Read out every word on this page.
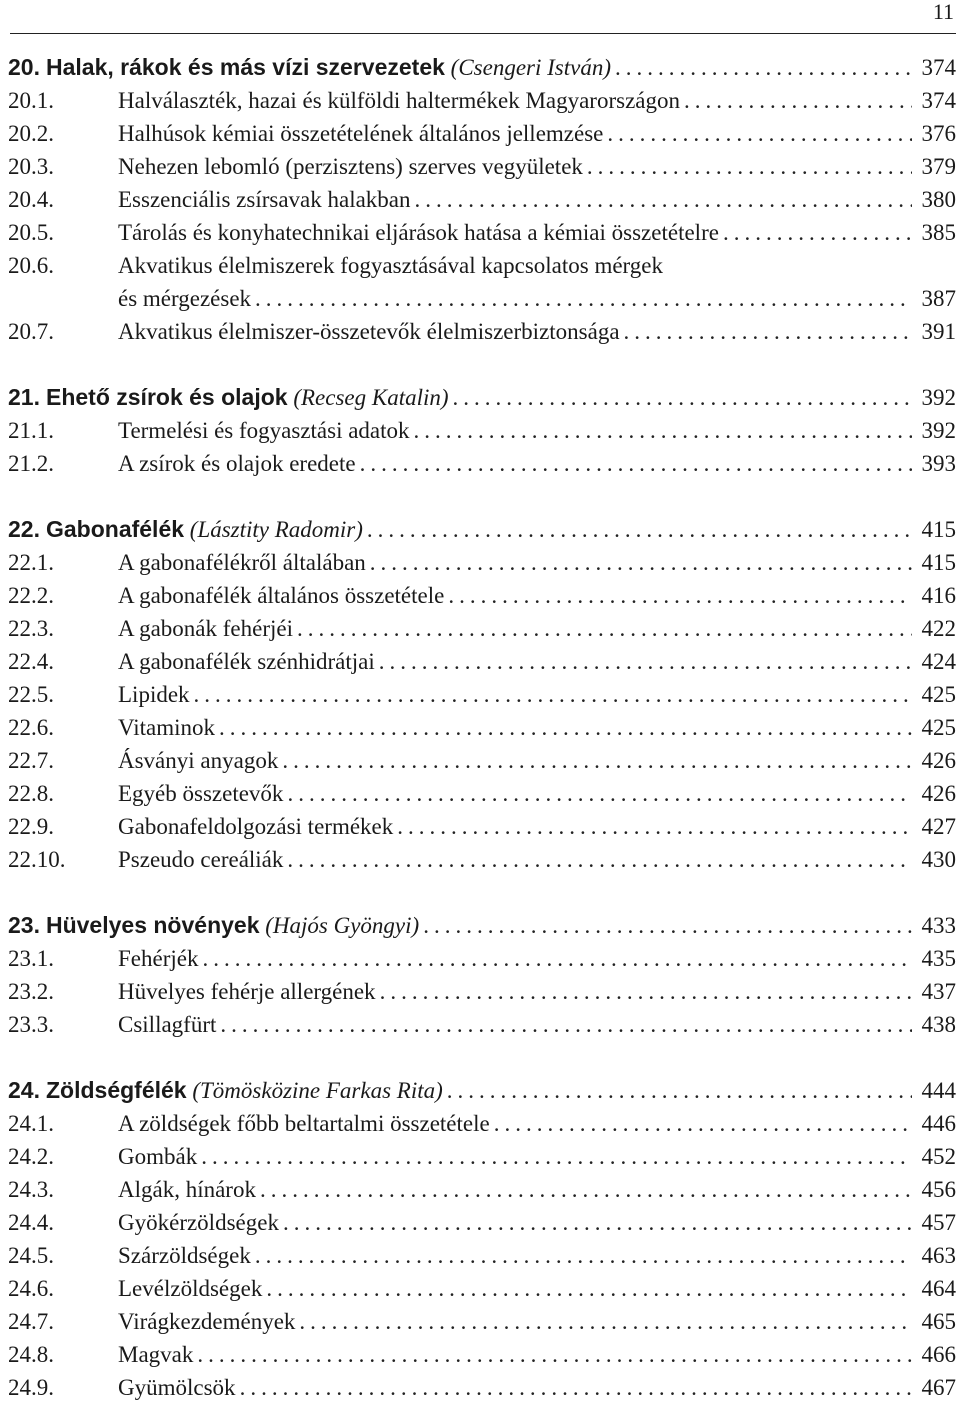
11
20. Halak, rákok és más vízi szervezetek (Csengeri István) .....	374
20.1.	Halválaszték, hazai és külföldi haltermékek Magyarországon .....	374
20.2.	Halhúsok kémiai összetételének általános jellemzése .....	376
20.3.	Nehezen lebomló (perzisztens) szerves vegyületek .....	379
20.4.	Esszenciális zsírsavak halakban .....	380
20.5.	Tárolás és konyhatechnikai eljárások hatása a kémiai összetételre .....	385
20.6.	Akvatikus élelmiszerek fogyasztásával kapcsolatos mérgek
és mérgezések .....	387
20.7.	Akvatikus élelmiszer-összetevők élelmiszerbiztonsága .....	391
21. Ehető zsírok és olajok (Recseg Katalin) .....	392
21.1.	Termelési és fogyasztási adatok .....	392
21.2.	A zsírok és olajok eredete .....	393
22. Gabonafélék (Lásztity Radomir) .....	415
22.1.	A gabonafélékről általában .....	415
22.2.	A gabonafélék általános összetétele .....	416
22.3.	A gabonák fehérjéi .....	422
22.4.	A gabonafélék szénhidrátjai .....	424
22.5.	Lipidek .....	425
22.6.	Vitaminok .....	425
22.7.	Ásványi anyagok .....	426
22.8.	Egyéb összetevők .....	426
22.9.	Gabonafeldolgozási termékek .....	427
22.10.	Pszeudo cereáliák .....	430
23. Hüvelyes növények (Hajós Gyöngyi) .....	433
23.1.	Fehérjék .....	435
23.2.	Hüvelyes fehérje allergének .....	437
23.3.	Csillagfürt .....	438
24. Zöldségfélék (Tömösközine Farkas Rita) .....	444
24.1.	A zöldségek főbb beltartalmi összetétele .....	446
24.2.	Gombák .....	452
24.3.	Algák, hínárok .....	456
24.4.	Gyökérzöldségek .....	457
24.5.	Szárzöldségek .....	463
24.6.	Levélzöldségek .....	464
24.7.	Virágkezdemények .....	465
24.8.	Magvak .....	466
24.9.	Gyümölcsök .....	467
